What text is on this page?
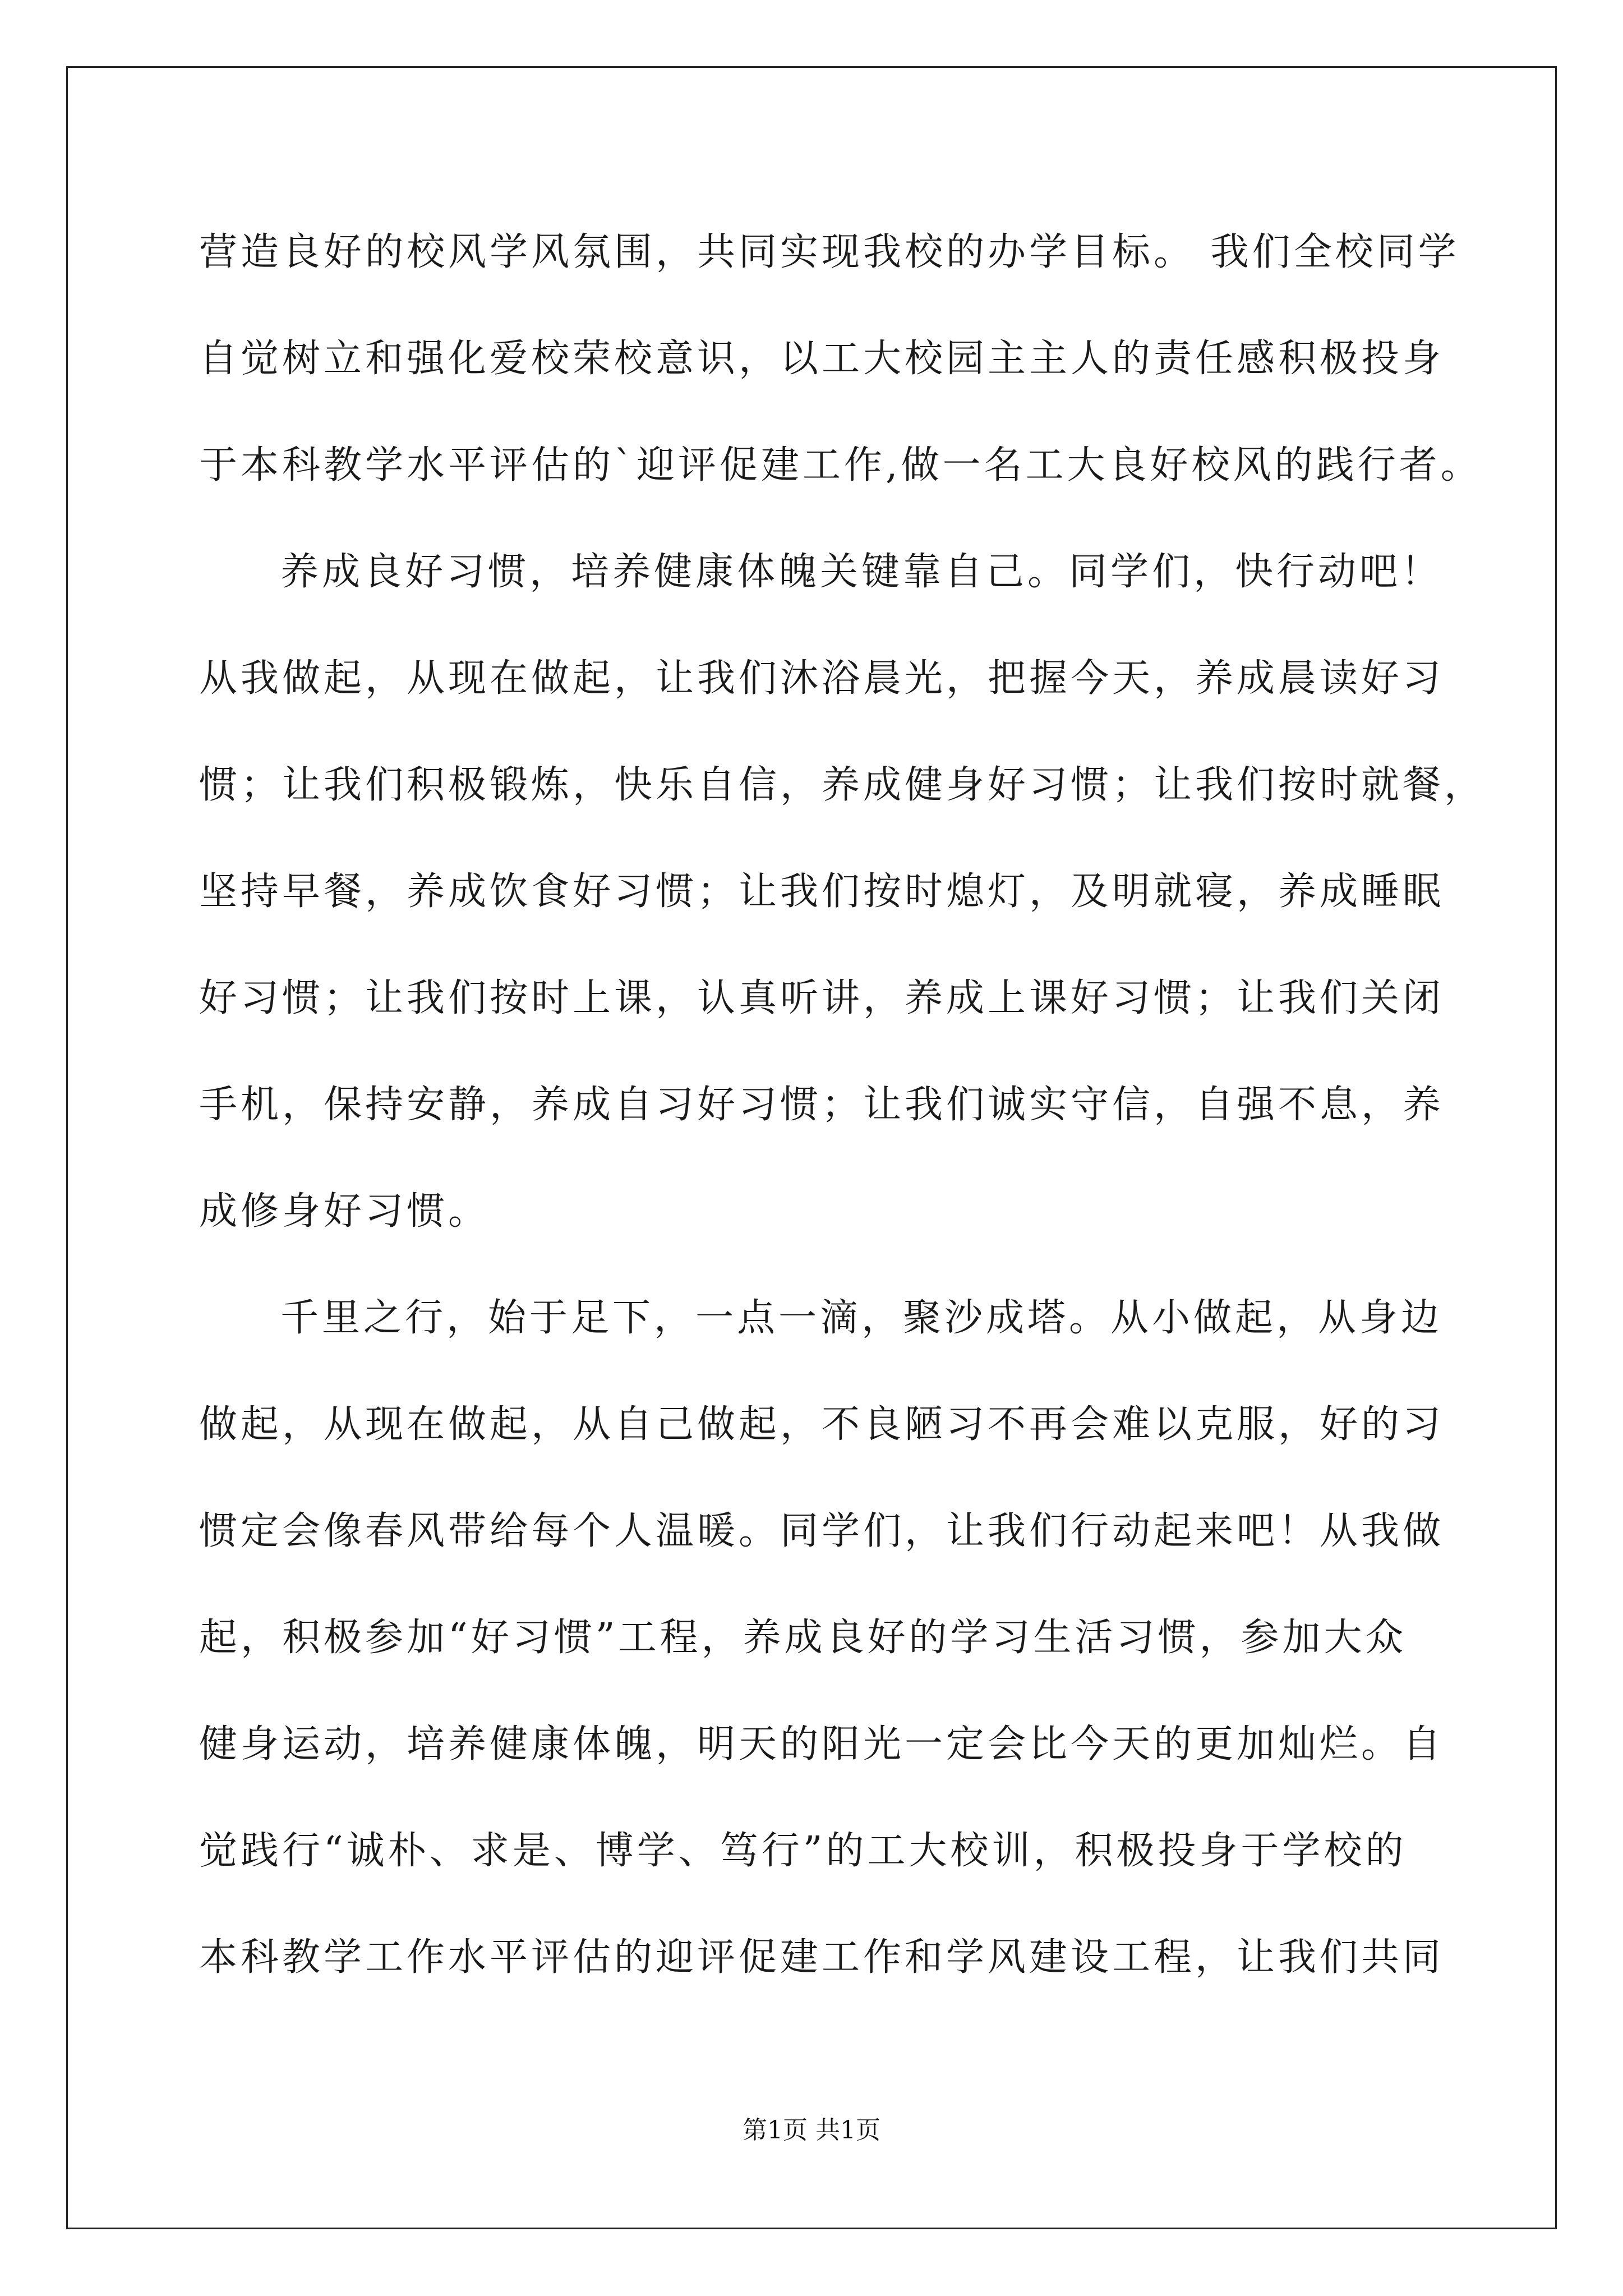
营造良好的校风学风氛围，共同实现我校的办学目标。 我们全校同学
自觉树立和强化爱校荣校意识，以工大校园主主人的责任感积极投身
于本科教学水平评估的`迎评促建工作,做一名工大良好校风的践行者。
养成良好习惯，培养健康体魄关键靠自己。同学们，快行动吧！
从我做起，从现在做起，让我们沐浴晨光，把握今天，养成晨读好习
惯；让我们积极锻炼，快乐自信，养成健身好习惯；让我们按时就餐，
坚持早餐，养成饮食好习惯；让我们按时熄灯，及明就寝，养成睡眠
好习惯；让我们按时上课，认真听讲，养成上课好习惯；让我们关闭
手机，保持安静，养成自习好习惯；让我们诚实守信，自强不息，养
成修身好习惯。
千里之行，始于足下，一点一滴，聚沙成塔。从小做起，从身边
做起，从现在做起，从自己做起，不良陋习不再会难以克服，好的习
惯定会像春风带给每个人温暖。同学们，让我们行动起来吧！从我做
起，积极参加“好习惯”工程，养成良好的学习生活习惯，参加大众
健身运动，培养健康体魄，明天的阳光一定会比今天的更加灿烂。自
觉践行“诚朴、求是、博学、笃行”的工大校训，积极投身于学校的
本科教学工作水平评估的迎评促建工作和学风建设工程，让我们共同
第1页 共1页
